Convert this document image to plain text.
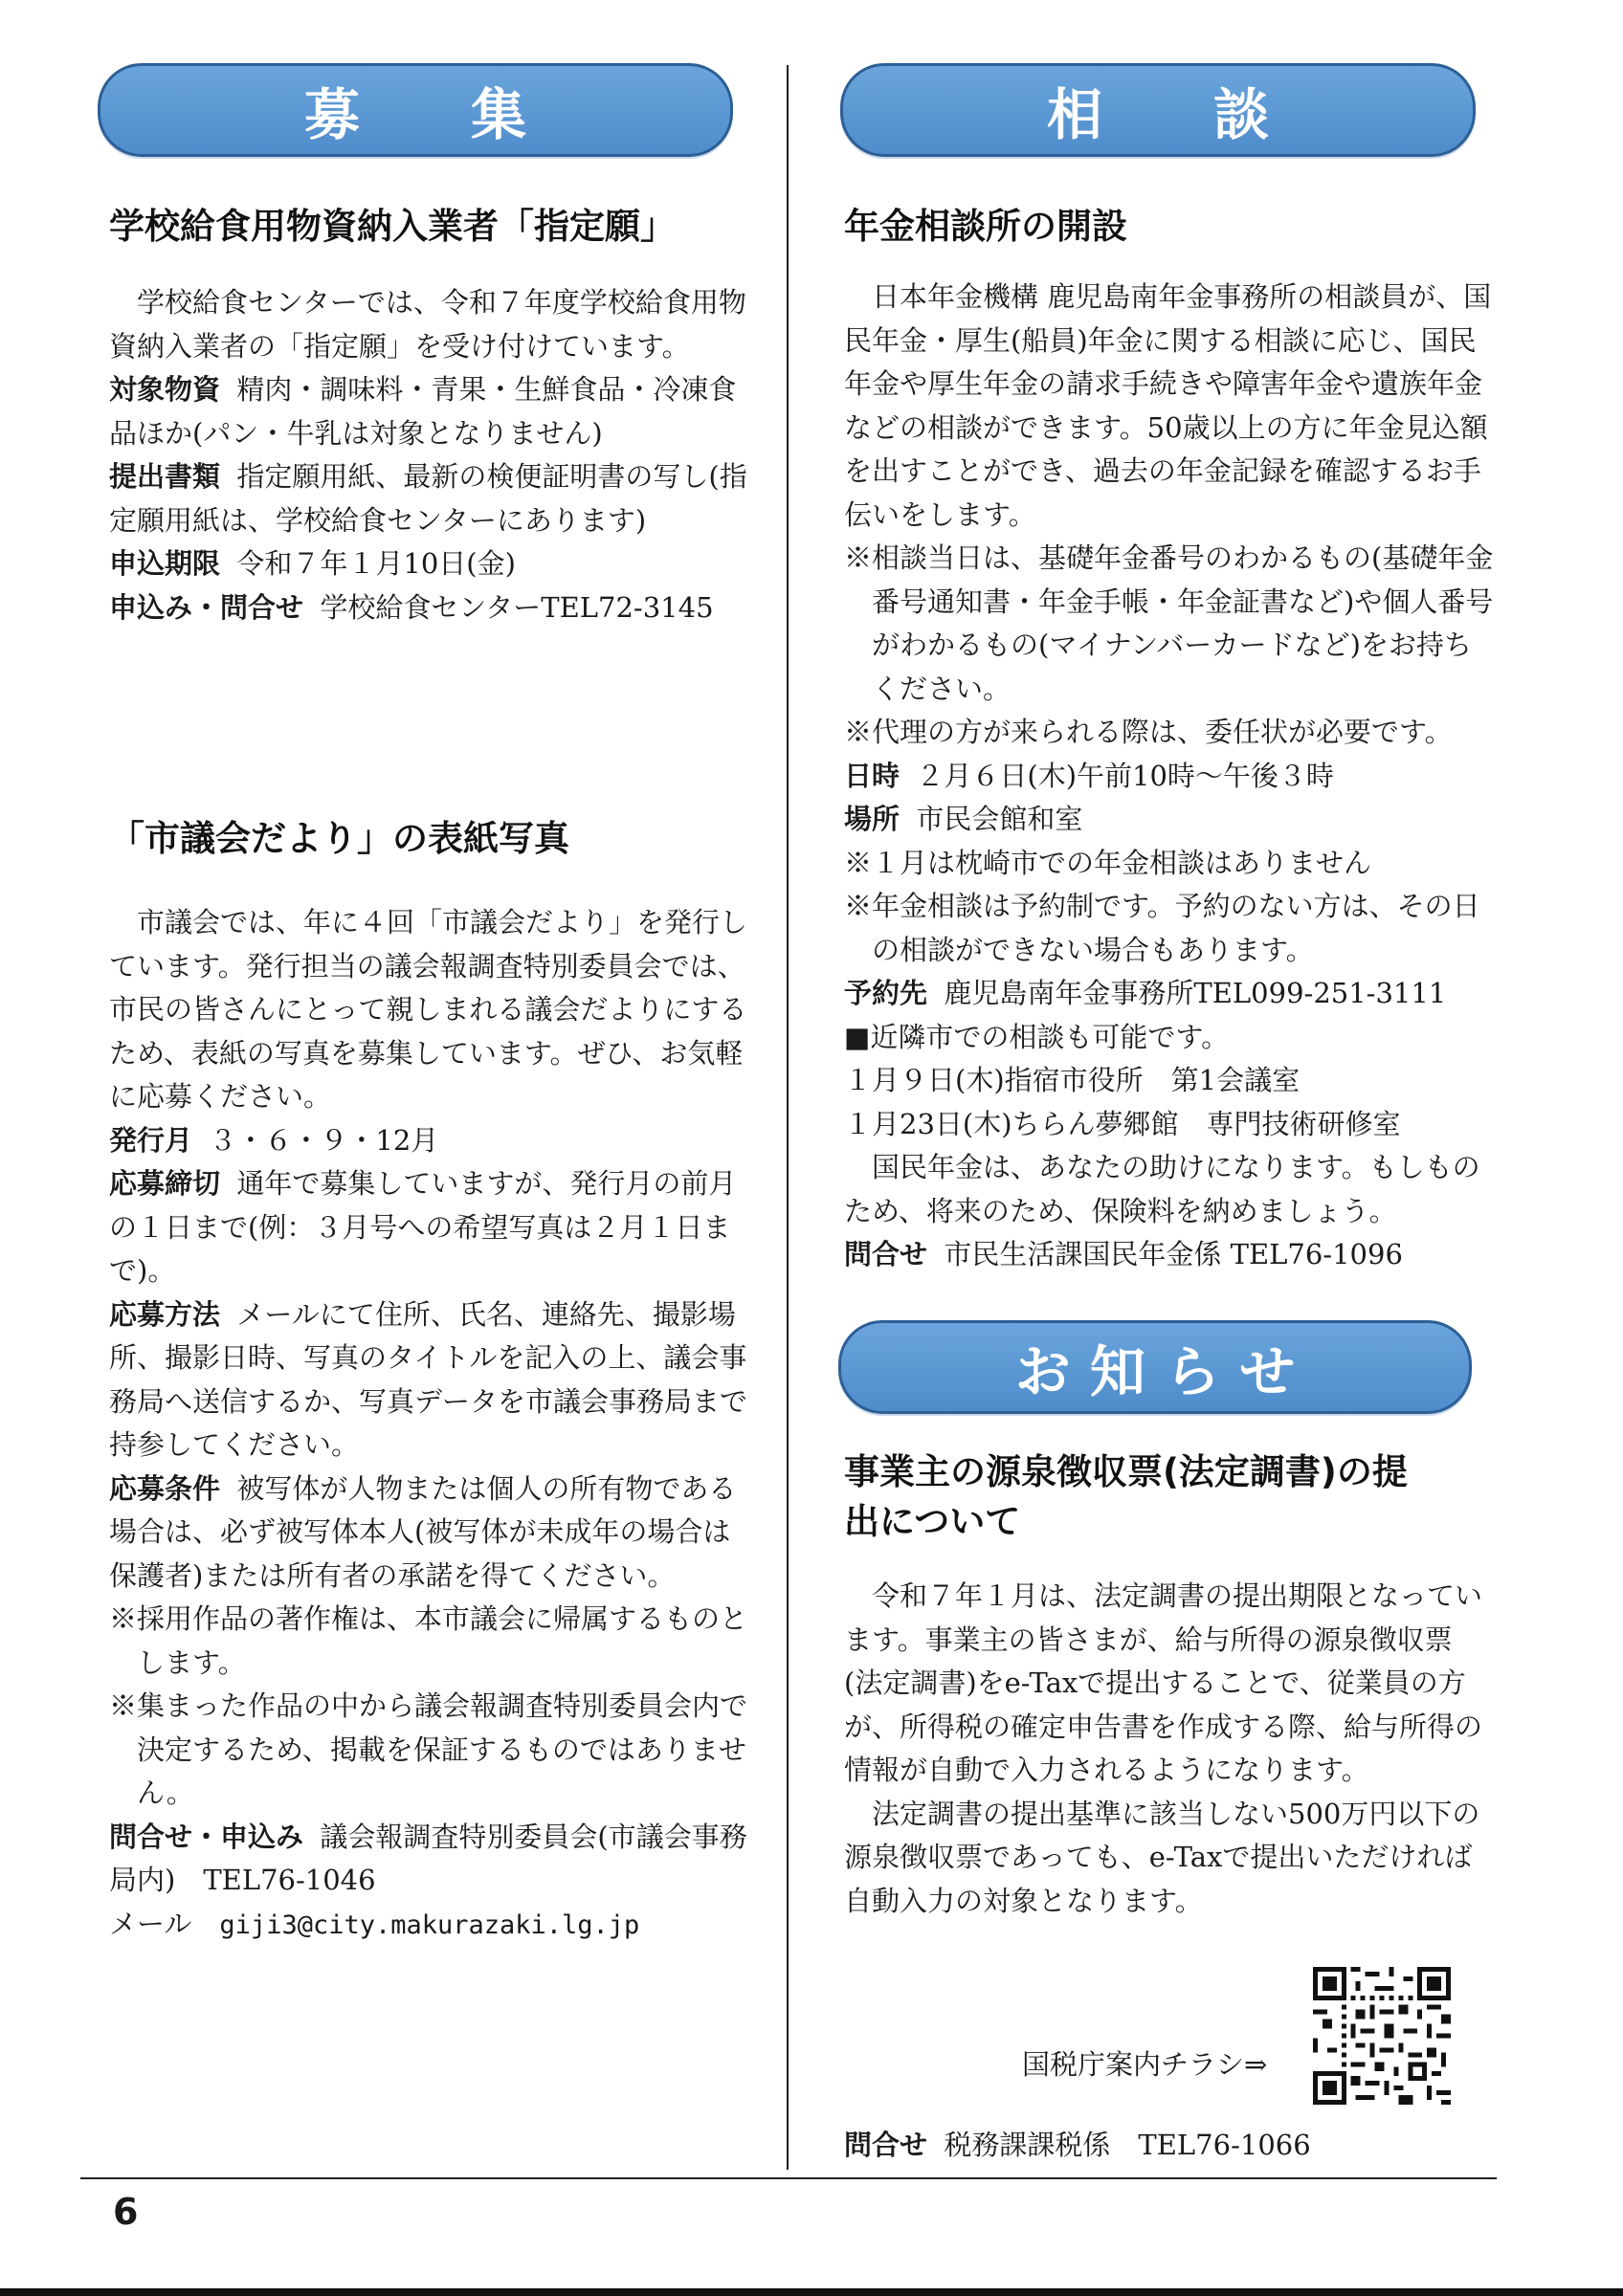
募　　集
学校給食用物資納入業者「指定願」

学校給食センターでは、令和７年度学校給食用物資納入業者の「指定願」を受け付けています。

対象物資 精肉・調味料・青果・生鮮食品・冷凍食品ほか(パン・牛乳は対象となりません)

提出書類 指定願用紙、最新の検便証明書の写し(指定願用紙は、学校給食センターにあります)

申込期限 令和７年１月10日(金)

申込み・問合せ 学校給食センターTEL72-3145

「市議会だより」の表紙写真

市議会では、年に４回「市議会だより」を発行しています。発行担当の議会報調査特別委員会では、市民の皆さんにとって親しまれる議会だよりにするため、表紙の写真を募集しています。ぜひ、お気軽に応募ください。

発行月 ３・６・９・12月

応募締切 通年で募集していますが、発行月の前月の１日まで(例：３月号への希望写真は２月１日まで)。

応募方法 メールにて住所、氏名、連絡先、撮影場所、撮影日時、写真のタイトルを記入の上、議会事務局へ送信するか、写真データを市議会事務局まで持参してください。

応募条件 被写体が人物または個人の所有物である場合は、必ず被写体本人(被写体が未成年の場合は保護者)または所有者の承諾を得てください。

※採用作品の著作権は、本市議会に帰属するものとします。

※集まった作品の中から議会報調査特別委員会内で決定するため、掲載を保証するものではありません。

問合せ・申込み 議会報調査特別委員会(市議会事務局内)　TEL76-1046

メール giji3@city.makurazaki.lg.jp

相　　談
年金相談所の開設

日本年金機構 鹿児島南年金事務所の相談員が、国民年金・厚生(船員)年金に関する相談に応じ、国民年金や厚生年金の請求手続きや障害年金や遺族年金などの相談ができます。50歳以上の方に年金見込額を出すことができ、過去の年金記録を確認するお手伝いをします。

※相談当日は、基礎年金番号のわかるもの(基礎年金番号通知書・年金手帳・年金証書など)や個人番号がわかるもの(マイナンバーカードなど)をお持ちください。

※代理の方が来られる際は、委任状が必要です。

日時 ２月６日(木)午前10時～午後３時

場所 市民会館和室

※１月は枕崎市での年金相談はありません

※年金相談は予約制です。予約のない方は、その日の相談ができない場合もあります。

予約先 鹿児島南年金事務所TEL099-251-3111

■近隣市での相談も可能です。

１月９日(木)指宿市役所　第1会議室

１月23日(木)ちらん夢郷館　専門技術研修室

国民年金は、あなたの助けになります。もしものため、将来のため、保険料を納めましょう。

問合せ 市民生活課国民年金係 TEL76-1096

お 知 ら せ
事業主の源泉徴収票(法定調書)の提
出について

令和７年１月は、法定調書の提出期限となっています。事業主の皆さまが、給与所得の源泉徴収票(法定調書)をe-Taxで提出することで、従業員の方が、所得税の確定申告書を作成する際、給与所得の情報が自動で入力されるようになります。

法定調書の提出基準に該当しない500万円以下の源泉徴収票であっても、e-Taxで提出いただければ自動入力の対象となります。

国税庁案内チラシ⇒

問合せ 税務課課税係　TEL76-1066

6
